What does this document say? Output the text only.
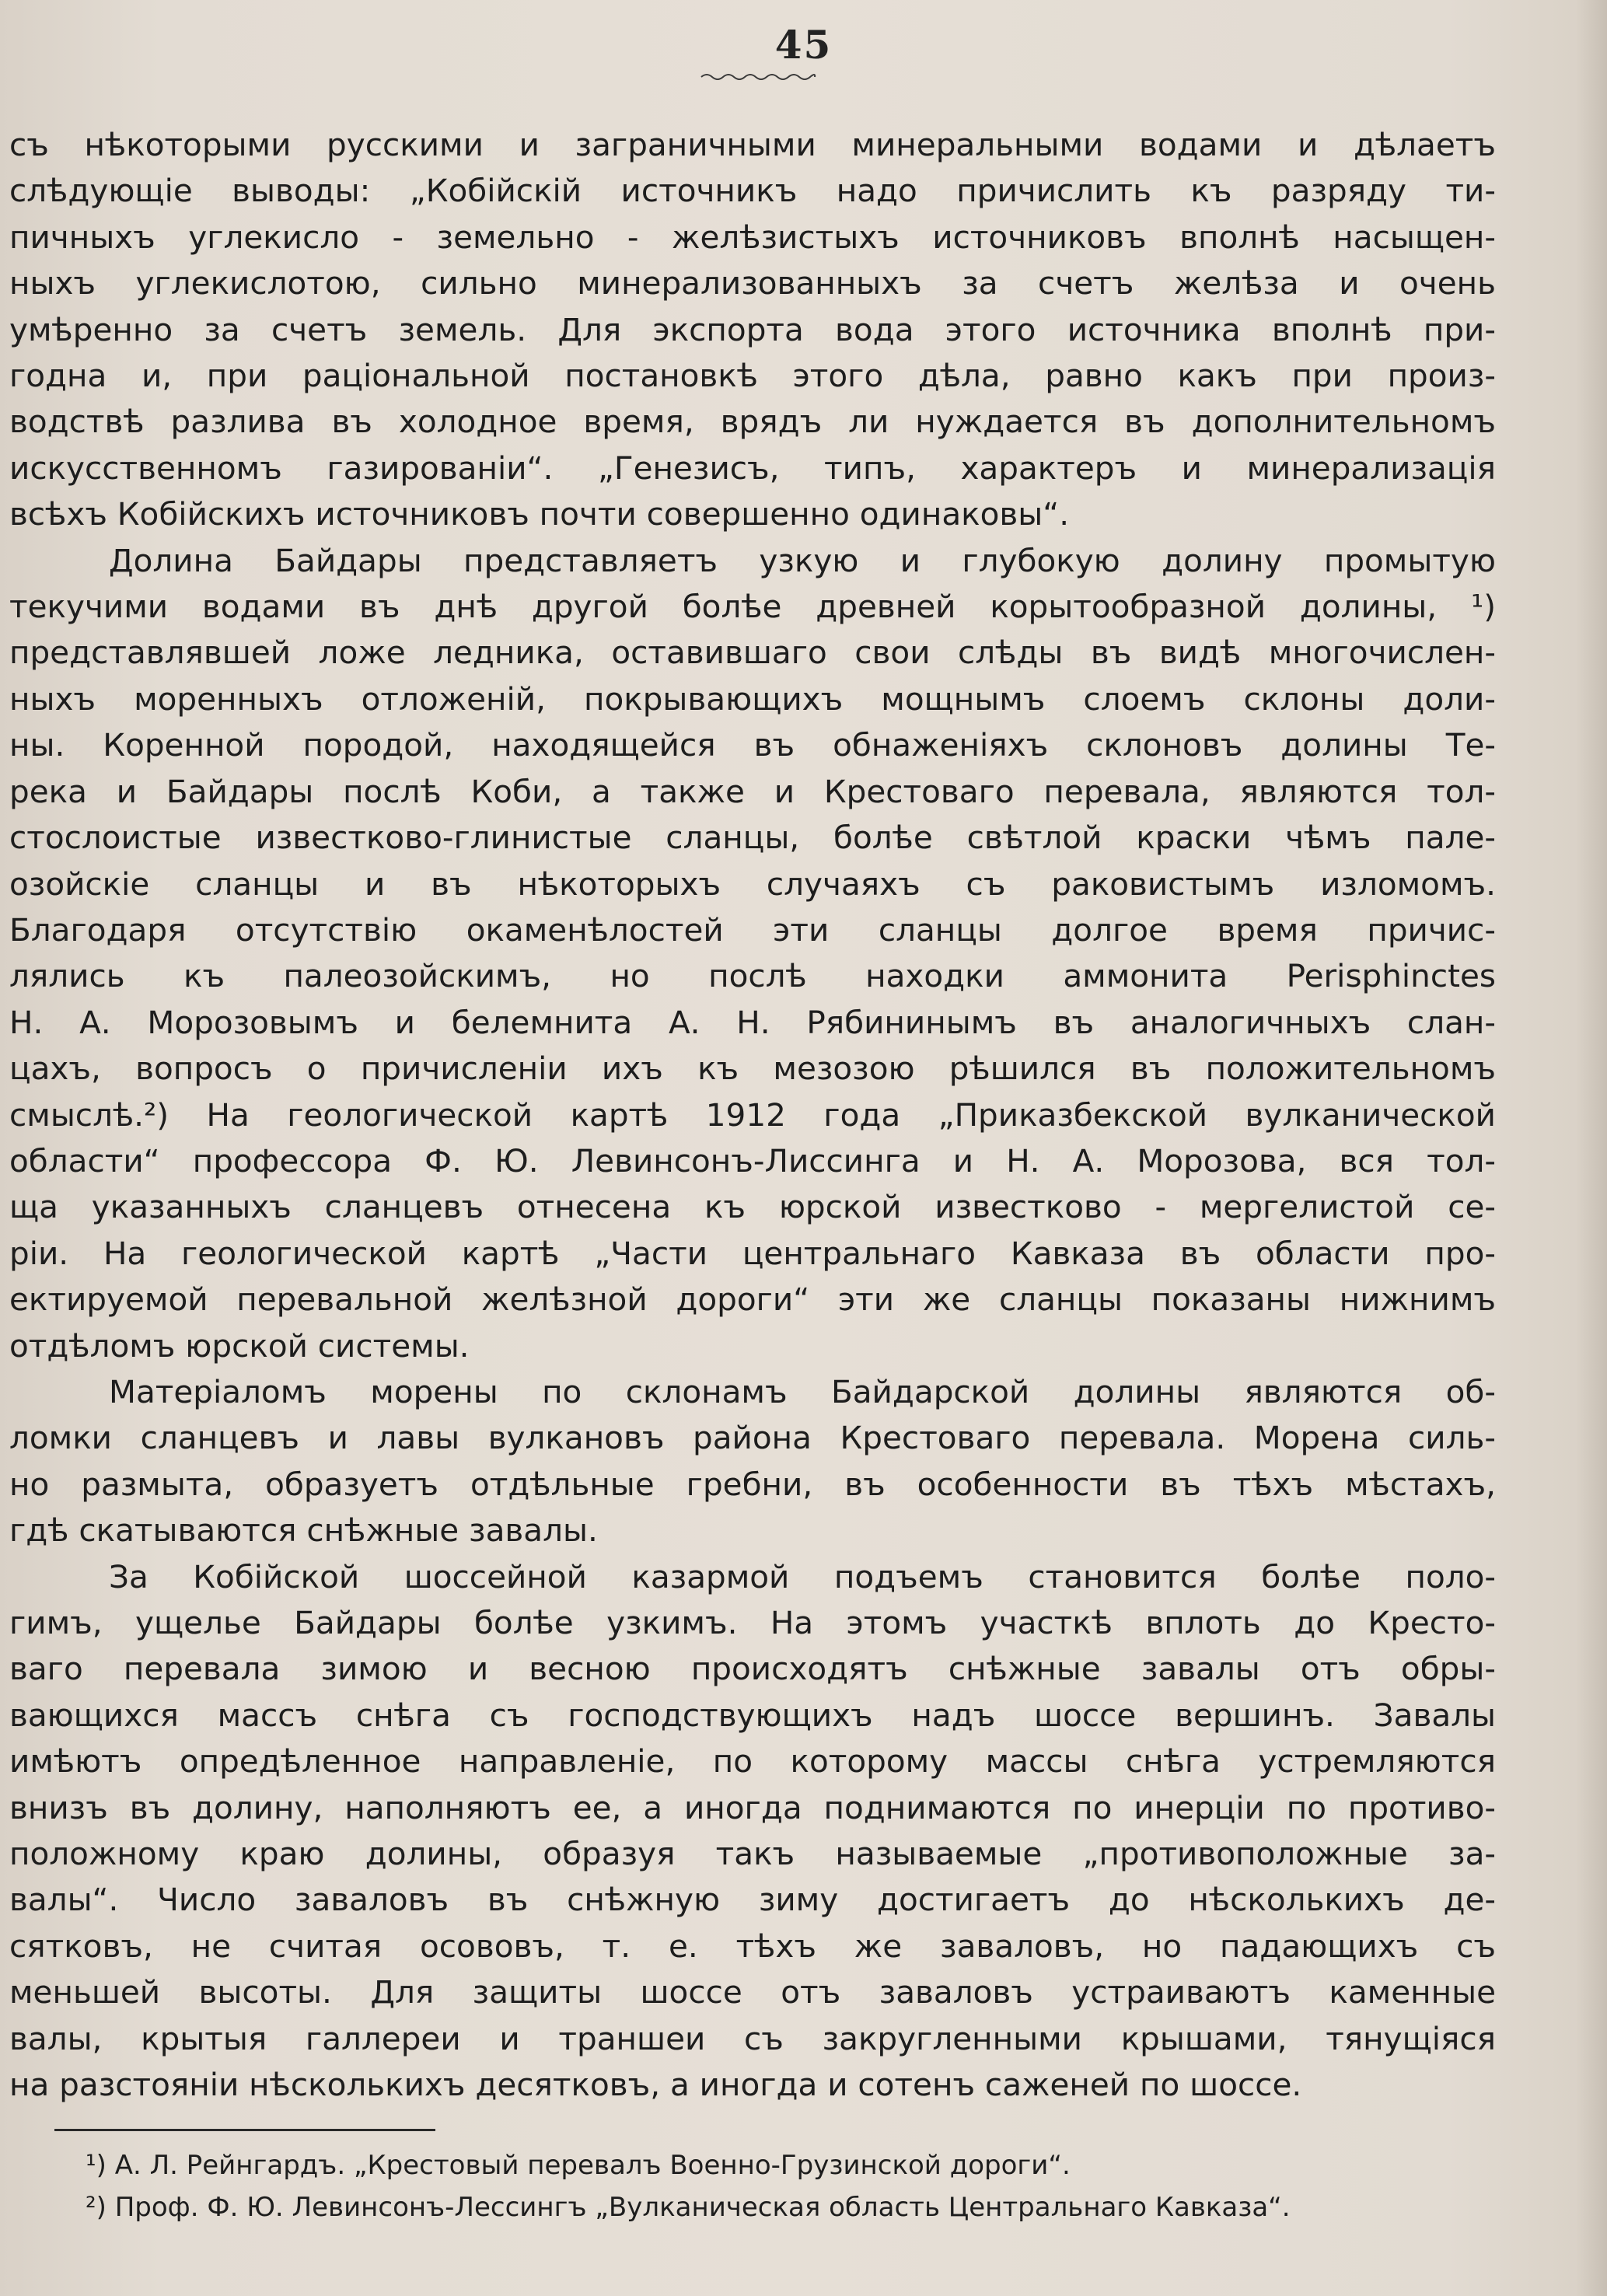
45

съ нѣкоторыми русскими и заграничными минеральными водами и дѣлаетъ
слѣдующіе выводы: „Кобійскій источникъ надо причислить къ разряду ти-
пичныхъ углекисло - земельно - желѣзистыхъ источниковъ вполнѣ насыщен-
ныхъ углекислотою, сильно минерализованныхъ за счетъ желѣза и очень
умѣренно за счетъ земель. Для экспорта вода этого источника вполнѣ при-
годна и, при раціональной постановкѣ этого дѣла, равно какъ при произ-
водствѣ разлива въ холодное время, врядъ ли нуждается въ дополнительномъ
искусственномъ газированіи“. „Генезисъ, типъ, характеръ и минерализація
всѣхъ Кобійскихъ источниковъ почти совершенно одинаковы“.

Долина Байдары представляетъ узкую и глубокую долину промытую
текучими водами въ днѣ другой болѣе древней корытообразной долины, ¹)
представлявшей ложе ледника, оставившаго свои слѣды въ видѣ многочислен-
ныхъ моренныхъ отложеній, покрывающихъ мощнымъ слоемъ склоны доли-
ны. Коренной породой, находящейся въ обнаженіяхъ склоновъ долины Те-
река и Байдары послѣ Коби, а также и Крестоваго перевала, являются тол-
стослоистые известково-глинистые сланцы, болѣе свѣтлой краски чѣмъ пале-
озойскіе сланцы и въ нѣкоторыхъ случаяхъ съ раковистымъ изломомъ.
Благодаря отсутствію окаменѣлостей эти сланцы долгое время причис-
лялись къ палеозойскимъ, но послѣ находки аммонита Perisphinctes
Н. А. Морозовымъ и белемнита А. Н. Рябининымъ въ аналогичныхъ слан-
цахъ, вопросъ о причисленіи ихъ къ мезозою рѣшился въ положительномъ
смыслѣ.²) На геологической картѣ 1912 года „Приказбекской вулканической
области“ профессора Ф. Ю. Левинсонъ-Лиссинга и Н. А. Морозова, вся тол-
ща указанныхъ сланцевъ отнесена къ юрской известково - мергелистой се-
ріи. На геологической картѣ „Части центральнаго Кавказа въ области про-
ектируемой перевальной желѣзной дороги“ эти же сланцы показаны нижнимъ
отдѣломъ юрской системы.

Матеріаломъ морены по склонамъ Байдарской долины являются об-
ломки сланцевъ и лавы вулкановъ района Крестоваго перевала. Морена силь-
но размыта, образуетъ отдѣльные гребни, въ особенности въ тѣхъ мѣстахъ,
гдѣ скатываются снѣжные завалы.

За Кобійской шоссейной казармой подъемъ становится болѣе поло-
гимъ, ущелье Байдары болѣе узкимъ. На этомъ участкѣ вплоть до Кресто-
ваго перевала зимою и весною происходятъ снѣжные завалы отъ обры-
вающихся массъ снѣга съ господствующихъ надъ шоссе вершинъ. Завалы
имѣютъ опредѣленное направленіе, по которому массы снѣга устремляются
внизъ въ долину, наполняютъ ее, а иногда поднимаются по инерціи по противо-
положному краю долины, образуя такъ называемые „противоположные за-
валы“. Число заваловъ въ снѣжную зиму достигаетъ до нѣсколькихъ де-
сятковъ, не считая осововъ, т. е. тѣхъ же заваловъ, но падающихъ съ
меньшей высоты. Для защиты шоссе отъ заваловъ устраиваютъ каменные
валы, крытыя галлереи и траншеи съ закругленными крышами, тянущіяся
на разстояніи нѣсколькихъ десятковъ, а иногда и сотенъ саженей по шоссе.

¹) А. Л. Рейнгардъ. „Крестовый перевалъ Военно-Грузинской дороги“.
²) Проф. Ф. Ю. Левинсонъ-Лессингъ „Вулканическая область Центральнаго Кавказа“.
